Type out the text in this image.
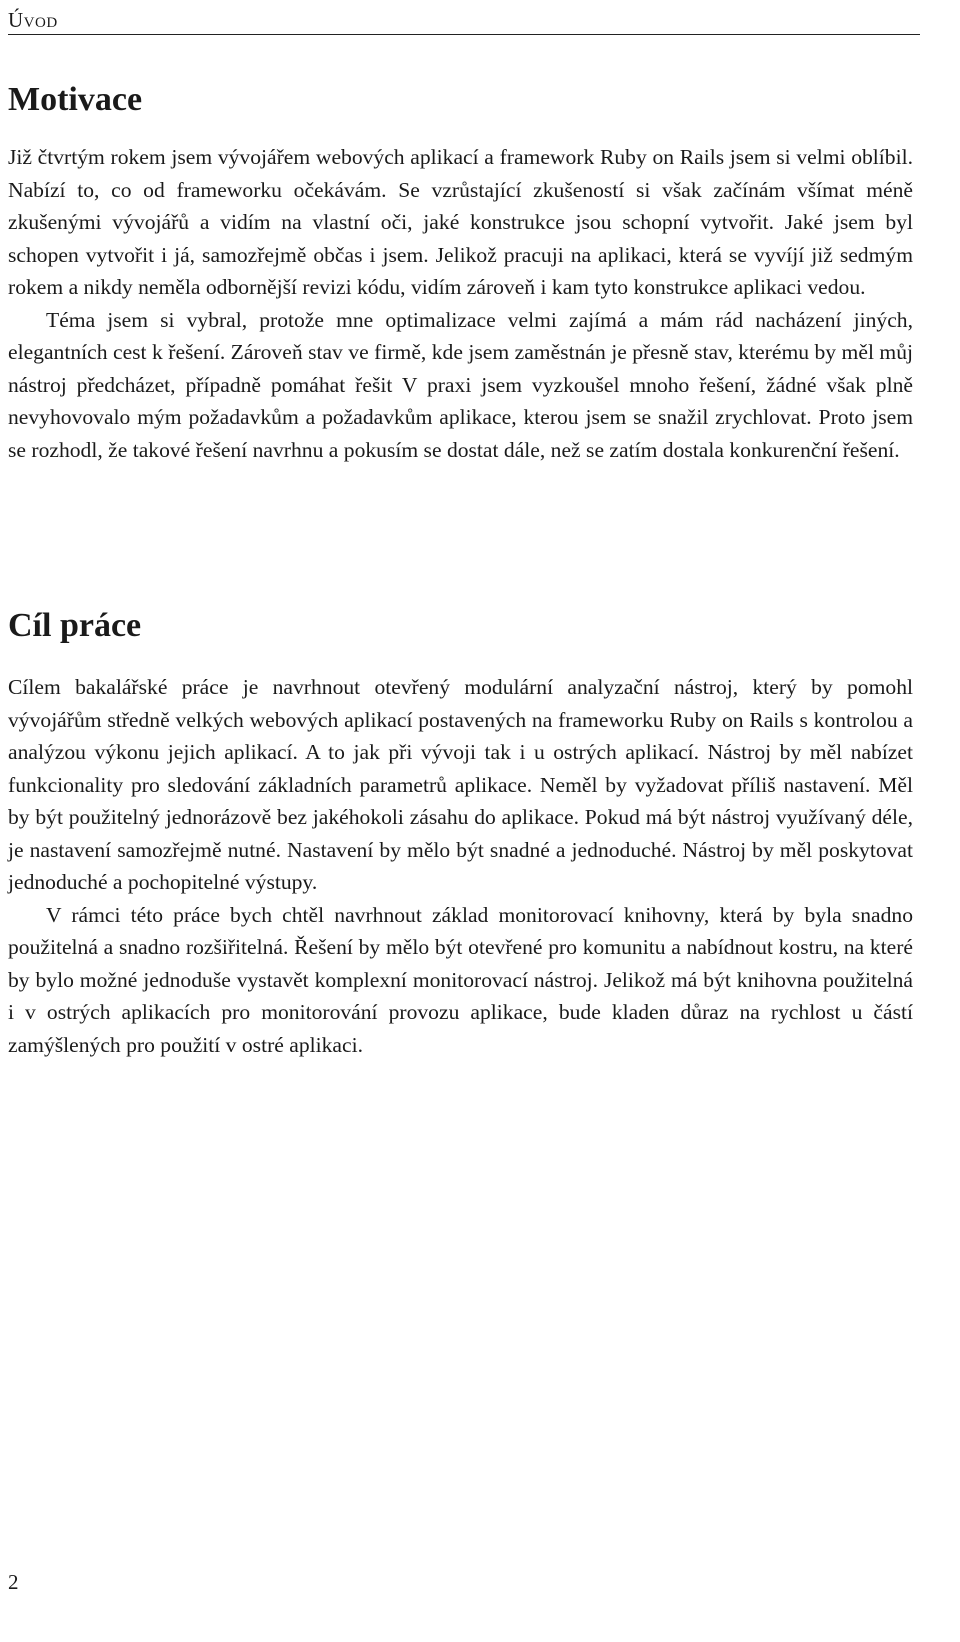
Úvod
Motivace

Již čtvrtým rokem jsem vývojářem webových aplikací a framework Ruby on Rails jsem si velmi oblíbil. Nabízí to, co od frameworku očekávám. Se vzrůstající zkušeností si však začínám všímat méně zkušenými vývojářů a vidím na vlastní oči, jaké konstrukce jsou schopní vytvořit. Jaké jsem byl schopen vytvořit i já, samozřejmě občas i jsem. Jelikož pracuji na aplikaci, která se vyvíjí již sedmým rokem a nikdy neměla odbornější revizi kódu, vidím zároveň i kam tyto konstrukce aplikaci vedou.

Téma jsem si vybral, protože mne optimalizace velmi zajímá a mám rád nacházení jiných, elegantních cest k řešení. Zároveň stav ve firmě, kde jsem zaměstnán je přesně stav, kterému by měl můj nástroj předcházet, případně pomáhat řešit V praxi jsem vyzkoušel mnoho řešení, žádné však plně nevyhovovalo mým požadavkům a požadavkům aplikace, kterou jsem se snažil zrychlovat. Proto jsem se rozhodl, že takové řešení navrhnu a pokusím se dostat dále, než se zatím dostala konkurenční řešení.

Cíl práce

Cílem bakalářské práce je navrhnout otevřený modulární analyzační nástroj, který by pomohl vývojářům středně velkých webových aplikací postavených na frameworku Ruby on Rails s kontrolou a analýzou výkonu jejich aplikací. A to jak při vývoji tak i u ostrých aplikací. Nástroj by měl nabízet funkcionality pro sledování základních parametrů aplikace. Neměl by vyžadovat příliš nastavení. Měl by být použitelný jednorázově bez jakéhokoli zásahu do aplikace. Pokud má být nástroj využívaný déle, je nastavení samozřejmě nutné. Nastavení by mělo být snadné a jednoduché. Nástroj by měl poskytovat jednoduché a pochopitelné výstupy.

V rámci této práce bych chtěl navrhnout základ monitorovací knihovny, která by byla snadno použitelná a snadno rozšiřitelná. Řešení by mělo být otevřené pro komunitu a nabídnout kostru, na které by bylo možné jednoduše vystavět komplexní monitorovací nástroj. Jelikož má být knihovna použitelná i v ostrých aplikacích pro monitorování provozu aplikace, bude kladen důraz na rychlost u částí zamýšlených pro použití v ostré aplikaci.

2
